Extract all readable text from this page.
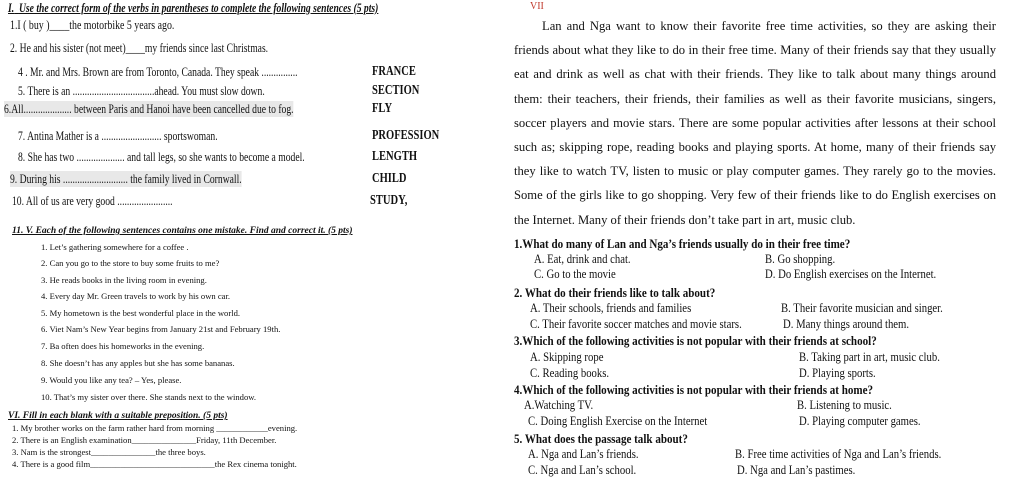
I. Use the correct form of the verbs in parentheses to complete the following sentences (5 pts)
1.I ( buy )____the motorbike 5 years ago.
2. He and his sister (not meet)____my friends since last Christmas.
4 . Mr. and Mrs. Brown are from Toronto, Canada. They speak ...............	FRANCE
5. There is an ..................................ahead. You must slow down.	SECTION
6.All.................... between Paris and Hanoi have been cancelled due to fog.	FLY
7. Antina Mather is a ......................... sportswoman.	PROFESSION
8. She has two .................... and tall legs, so she wants to become a model.	LENGTH
9. During his ........................... the family lived in Cornwall.	CHILD
10. All of us are very good .......................	STUDY,
11. V. Each of the following sentences contains one mistake. Find and correct it. (5 pts)
1. Let’s gathering somewhere for a coffee .
2. Can you go to the store to buy some fruits to me?
3. He reads books in the living room in evening.
4. Every day Mr. Green travels to work by his own car.
5. My hometown is the best wonderful place in the world.
6. Viet Nam’s New Year begins from January 21st and February 19th.
7. Ba often does his homeworks in the evening.
8. She doesn’t has any apples but she has some bananas.
9. Would you like any tea? – Yes, please.
10. That’s my sister over there. She stands next to the window.
VI. Fill in each blank with a suitable preposition. (5 pts)
1. My brother works on the farm rather hard from morning ____________evening.
2. There is an English examination_______________Friday, 11th December.
3. Nam is the strongest_______________the three boys.
4. There is a good film_____________________________the Rex cinema tonight.
VII
Lan and Nga want to know their favorite free time activities, so they are asking their friends about what they like to do in their free time. Many of their friends say that they usually eat and drink as well as chat with their friends. They like to talk about many things around them: their teachers, their friends, their families as well as their favorite musicians, singers, soccer players and movie stars. There are some popular activities after lessons at their school such as; skipping rope, reading books and playing sports. At home, many of their friends say they like to watch TV, listen to music or play computer games. They rarely go to the movies. Some of the girls like to go shopping. Very few of their friends like to do English exercises on the Internet. Many of their friends don’t take part in art, music club.
1.What do many of Lan and Nga’s friends usually do in their free time?
A. Eat, drink and chat.	B. Go shopping.
C. Go to the movie	D. Do English exercises on the Internet.
2. What do their friends like to talk about?
A. Their schools, friends and families	B. Their favorite musician and singer.
C. Their favorite soccer matches and movie stars.	D. Many things around them.
3.Which of the following activities is not popular with their friends at school?
A. Skipping rope	B. Taking part in art, music club.
C. Reading books.	D. Playing sports.
4.Which of the following activities is not popular with their friends at home?
A.Watching TV.	B. Listening to music.
C. Doing English Exercise on the Internet	D. Playing computer games.
5. What does the passage talk about?
A. Nga and Lan’s friends.	B. Free time activities of Nga and Lan’s friends.
C. Nga and Lan’s school.	D. Nga and Lan’s pastimes.
